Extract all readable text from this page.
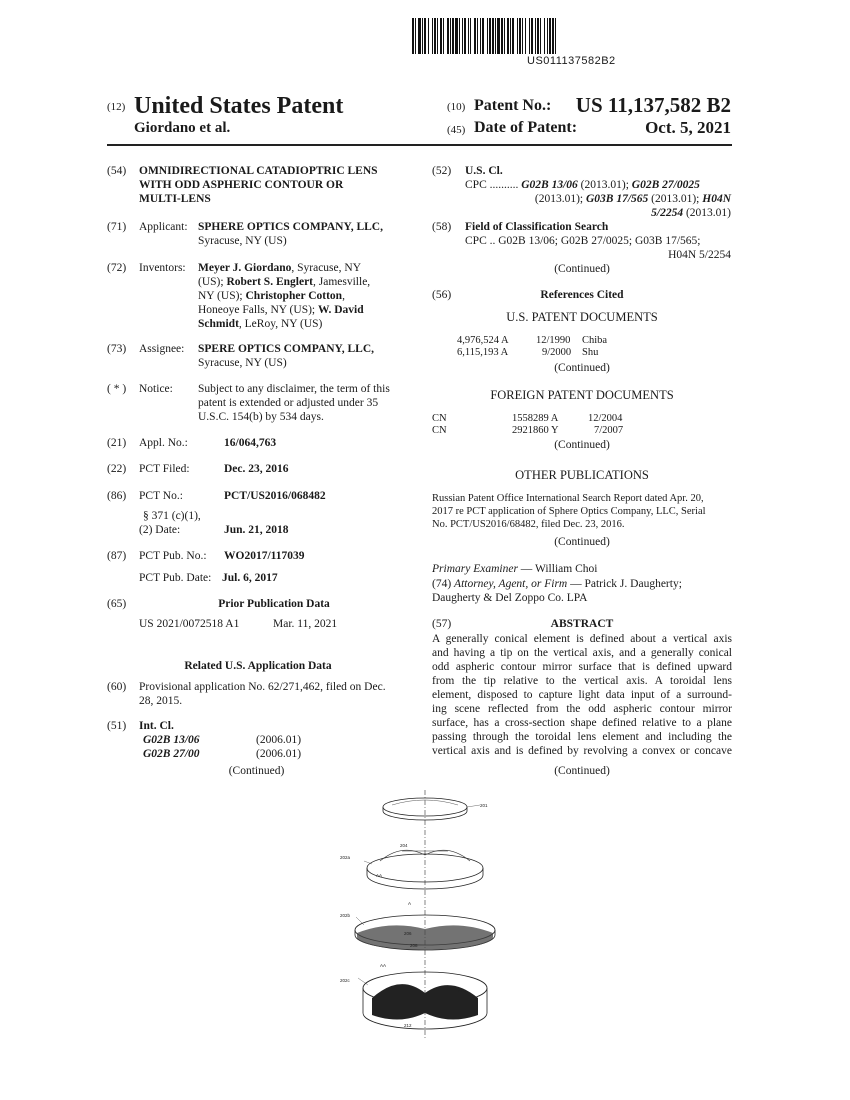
US011137582B2
(12) United States Patent
Giordano et al.
(10) Patent No.:	US 11,137,582 B2
(45) Date of Patent:	Oct. 5, 2021
(54) OMNIDIRECTIONAL CATADIOPTRIC LENS
WITH ODD ASPHERIC CONTOUR OR
MULTI-LENS
(71) Applicant: SPHERE OPTICS COMPANY, LLC,
Syracuse, NY (US)
(72) Inventors: Meyer J. Giordano, Syracuse, NY
(US); Robert S. Englert, Jamesville,
NY (US); Christopher Cotton,
Honeoye Falls, NY (US); W. David
Schmidt, LeRoy, NY (US)
(73) Assignee: SPERE OPTICS COMPANY, LLC,
Syracuse, NY (US)
( * ) Notice: Subject to any disclaimer, the term of this
patent is extended or adjusted under 35
U.S.C. 154(b) by 534 days.
(21) Appl. No.:	16/064,763
(22) PCT Filed:	Dec. 23, 2016
(86) PCT No.:	PCT/US2016/068482
§ 371 (c)(1),
(2) Date:	Jun. 21, 2018
(87) PCT Pub. No.: WO2017/117039
PCT Pub. Date: Jul. 6, 2017
(65)	Prior Publication Data
US 2021/0072518 A1	Mar. 11, 2021
Related U.S. Application Data
(60) Provisional application No. 62/271,462, filed on Dec.
28, 2015.
(51) Int. Cl.
G02B 13/06	(2006.01)
G02B 27/00	(2006.01)
(Continued)
(52) U.S. Cl.
CPC .......... G02B 13/06 (2013.01); G02B 27/0025
(2013.01); G03B 17/565 (2013.01); H04N
5/2254 (2013.01)
(58) Field of Classification Search
CPC .. G02B 13/06; G02B 27/0025; G03B 17/565;
H04N 5/2254
(Continued)
(56)	References Cited
U.S. PATENT DOCUMENTS
4,976,524 A	12/1990 Chiba
6,115,193 A	9/2000 Shu
(Continued)
FOREIGN PATENT DOCUMENTS
CN	1558289 A	12/2004
CN	2921860 Y	7/2007
(Continued)
OTHER PUBLICATIONS
Russian Patent Office International Search Report dated Apr. 20,
2017 re PCT application of Sphere Optics Company, LLC, Serial
No. PCT/US2016/68482, filed Dec. 23, 2016.
(Continued)
Primary Examiner — William Choi
(74) Attorney, Agent, or Firm — Patrick J. Daugherty;
Daugherty & Del Zoppo Co. LPA
(57)	ABSTRACT
A generally conical element is defined about a vertical axis
and having a tip on the vertical axis, and a generally conical
odd aspheric contour mirror surface that is defined upward
from the tip relative to the vertical axis. A toroidal lens
element, disposed to capture light data input of a surround-
ing scene reflected from the odd aspheric contour mirror
surface, has a cross-section shape defined relative to a plane
passing through the toroidal lens element and including the
vertical axis and is defined by revolving a convex or concave
(Continued)
201
202a
204
AA
A
202b
206
208
AA
202c
AA
210
212
